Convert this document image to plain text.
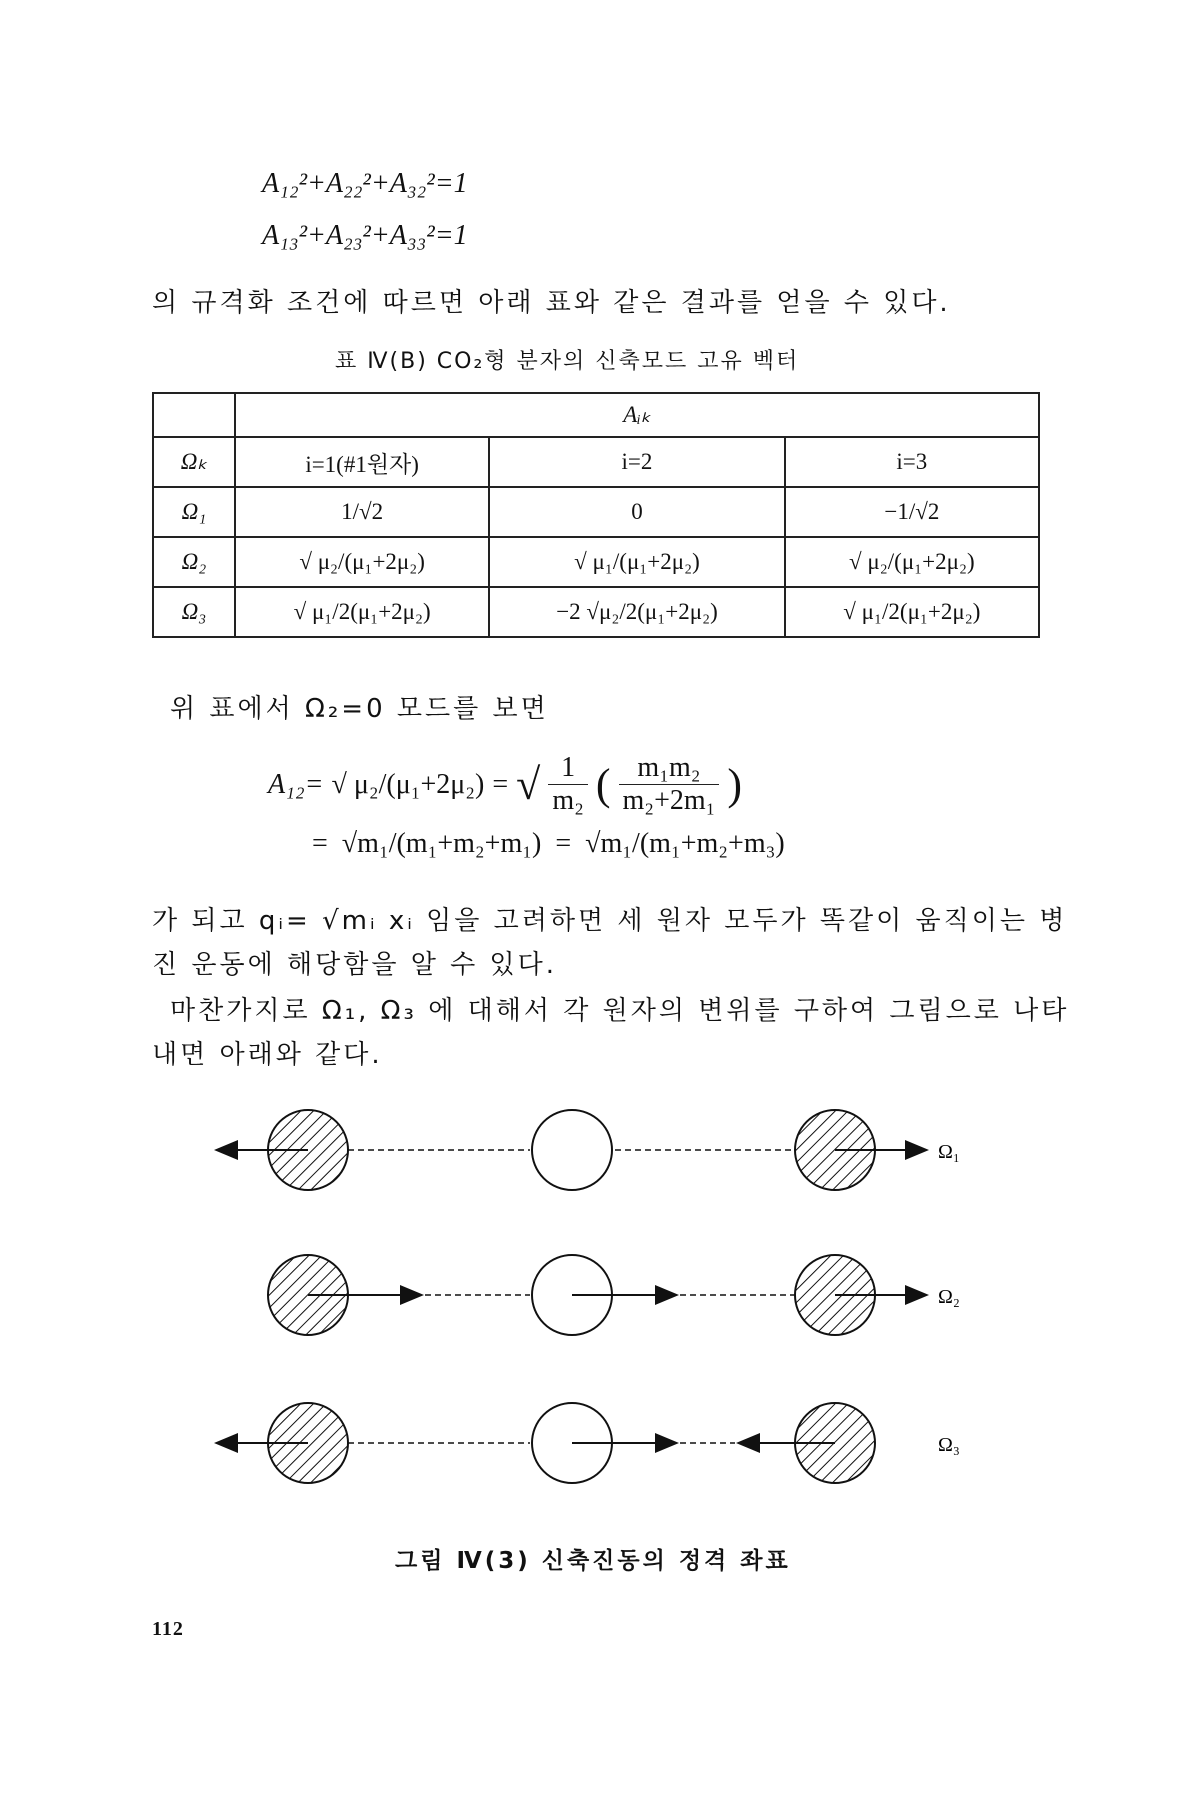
A₁₂²+A₂₂²+A₃₂²=1
A₁₃²+A₂₃²+A₃₃²=1
의 규격화 조건에 따르면 아래 표와 같은 결과를 얻을 수 있다.
표 Ⅳ(B) CO₂형 분자의 신축모드 고유 벡터
	Aᵢₖ		
Ωₖ	i=1(#1원자)	i=2	i=3
Ω₁	1/√2	0	−1/√2
Ω₂	√ μ₂/(μ₁+2μ₂)	√ μ₁/(μ₁+2μ₂)	√ μ₂/(μ₁+2μ₂)
Ω₃	√ μ₁/2(μ₁+2μ₂)	−2 √μ₂/2(μ₁+2μ₂)	√ μ₁/2(μ₁+2μ₂)
위 표에서 Ω₂=0 모드를 보면
A₁₂= √ μ₂/(μ₁+2μ₂) = √ $\frac{1}{\text{m₂}}$ ( $\frac{\text{m₁m₂}}{\text{m₂+2m₁}}$ )
= √m₁/(m₁+m₂+m₁) = √m₁/(m₁+m₂+m₃)
가 되고 qᵢ= √mᵢ xᵢ 임을 고려하면 세 원자 모두가 똑같이 움직이는 병
진 운동에 해당함을 알 수 있다.
마찬가지로 Ω₁, Ω₃ 에 대해서 각 원자의 변위를 구하여 그림으로 나타
내면 아래와 같다.
Ω₁
Ω₂
Ω₃
그림 Ⅳ(3) 신축진동의 정격 좌표
112
